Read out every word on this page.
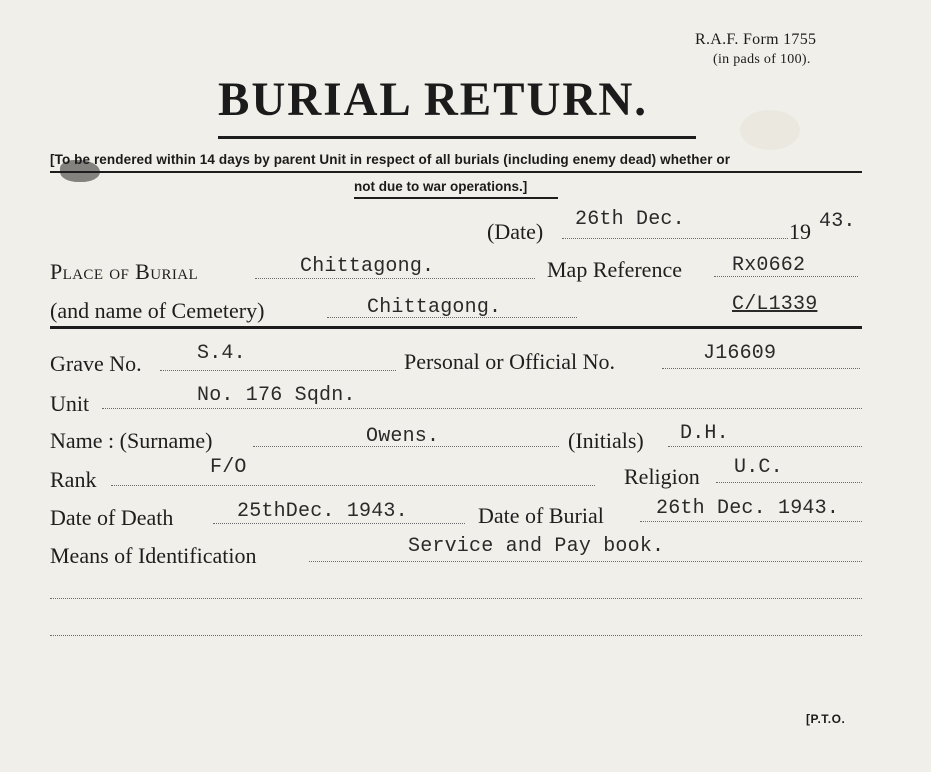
R.A.F. Form 1755
(in pads of 100).
BURIAL RETURN.
[To be rendered within 14 days by parent Unit in respect of all burials (including enemy dead) whether or
not due to war operations.]
(Date) 26th Dec.	19 43.
Place of Burial	Chittagong.	Map Reference	Rx0662
(and name of Cemetery)	Chittagong.	C/L1339
Grave No.	S.4.	Personal or Official No.	J16609
Unit	No. 176 Sqdn.
Name : (Surname)	Owens.	(Initials) D.H.
Rank	F/O	Religion U.C.
Date of Death	25thDec. 1943.	Date of Burial	26th Dec. 1943.
Means of Identification	Service and Pay book.
[P.T.O.
